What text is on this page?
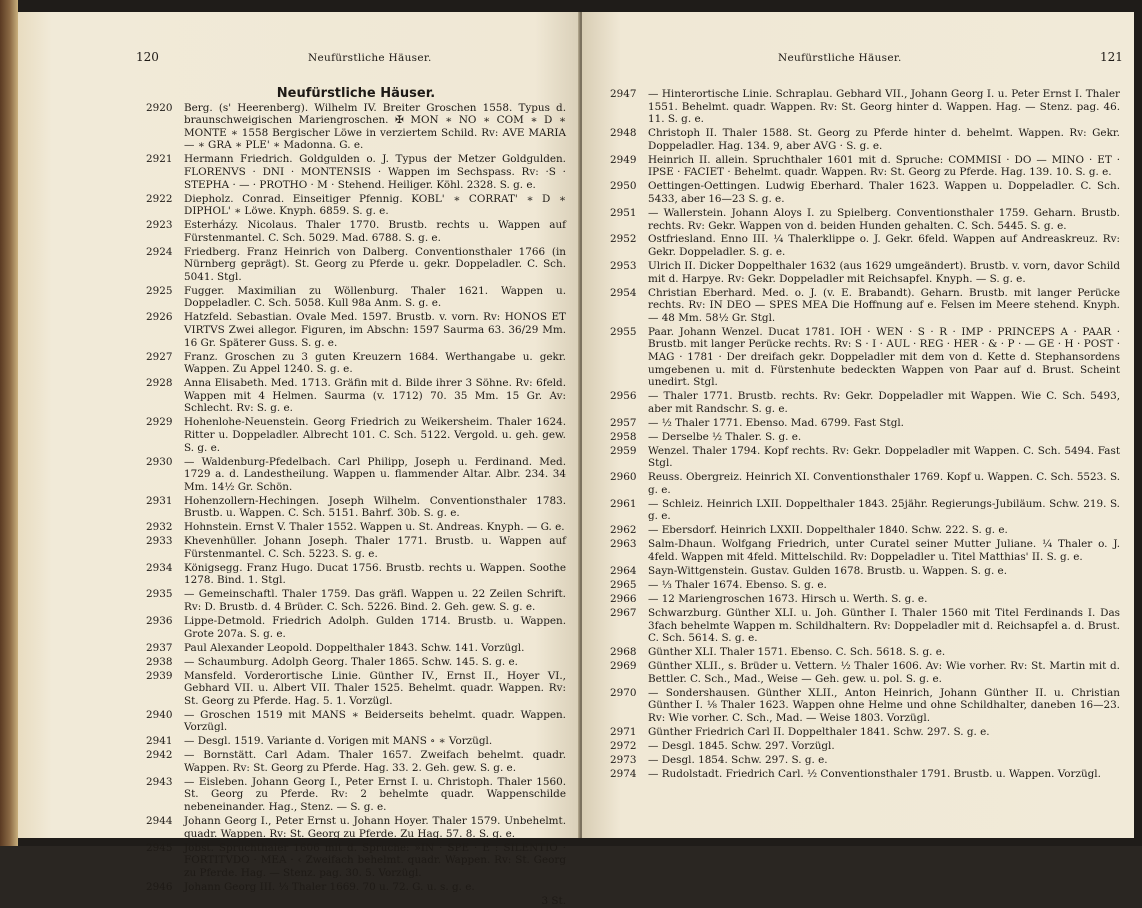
120	Neufürstliche Häuser.
Neufürstliche Häuser.
2920	Berg. (s' Heerenberg). Wilhelm IV. Breiter Groschen 1558. Typus d. braunschweigischen Mariengroschen. ✠ MON ∗ NO ∗ COM ∗ D ∗ MONTE ∗ 1558 Bergischer Löwe in verziertem Schild. Rv: AVE MARIA — ∗ GRA ∗ PLE' ∗ Madonna. G. e.
2921	Hermann Friedrich. Goldgulden o. J. Typus der Metzer Goldgulden. FLORENVS · DNI · MONTENSIS · Wappen im Sechspass. Rv: ·S · STEPHA · — · PROTHO · M · Stehend. Heiliger. Köhl. 2328. S. g. e.
2922	Diepholz. Conrad. Einseitiger Pfennig. KOBL' ∗ CORRAT' ∗ D ∗ DIPHOL' ∗ Löwe. Knyph. 6859. S. g. e.
2923	Esterházy. Nicolaus. Thaler 1770. Brustb. rechts u. Wappen auf Fürstenmantel. C. Sch. 5029. Mad. 6788. S. g. e.
2924	Friedberg. Franz Heinrich von Dalberg. Conventionsthaler 1766 (in Nürnberg geprägt). St. Georg zu Pferde u. gekr. Doppeladler. C. Sch. 5041. Stgl.
2925	Fugger. Maximilian zu Wöllenburg. Thaler 1621. Wappen u. Doppeladler. C. Sch. 5058. Kull 98a Anm. S. g. e.
2926	Hatzfeld. Sebastian. Ovale Med. 1597. Brustb. v. vorn. Rv: HONOS ET VIRTVS Zwei allegor. Figuren, im Abschn: 1597 Saurma 63. 36/29 Mm. 16 Gr. Späterer Guss. S. g. e.
2927	Franz. Groschen zu 3 guten Kreuzern 1684. Werthangabe u. gekr. Wappen. Zu Appel 1240. S. g. e.
2928	Anna Elisabeth. Med. 1713. Gräfin mit d. Bilde ihrer 3 Söhne. Rv: 6feld. Wappen mit 4 Helmen. Saurma (v. 1712) 70. 35 Mm. 15 Gr. Av: Schlecht. Rv: S. g. e.
2929	Hohenlohe-Neuenstein. Georg Friedrich zu Weikersheim. Thaler 1624. Ritter u. Doppeladler. Albrecht 101. C. Sch. 5122. Vergold. u. geh. gew. S. g. e.
2930	— Waldenburg-Pfedelbach. Carl Philipp, Joseph u. Ferdinand. Med. 1729 a. d. Landestheilung. Wappen u. flammender Altar. Albr. 234. 34 Mm. 14½ Gr. Schön.
2931	Hohenzollern-Hechingen. Joseph Wilhelm. Conventionsthaler 1783. Brustb. u. Wappen. C. Sch. 5151. Bahrf. 30b. S. g. e.
2932	Hohnstein. Ernst V. Thaler 1552. Wappen u. St. Andreas. Knyph. — G. e.
2933	Khevenhüller. Johann Joseph. Thaler 1771. Brustb. u. Wappen auf Fürstenmantel. C. Sch. 5223. S. g. e.
2934	Königsegg. Franz Hugo. Ducat 1756. Brustb. rechts u. Wappen. Soothe 1278. Bind. 1. Stgl.
2935	— Gemeinschaftl. Thaler 1759. Das gräfl. Wappen u. 22 Zeilen Schrift. Rv: D. Brustb. d. 4 Brüder. C. Sch. 5226. Bind. 2. Geh. gew. S. g. e.
2936	Lippe-Detmold. Friedrich Adolph. Gulden 1714. Brustb. u. Wappen. Grote 207a. S. g. e.
2937	Paul Alexander Leopold. Doppelthaler 1843. Schw. 141. Vorzügl.
2938	— Schaumburg. Adolph Georg. Thaler 1865. Schw. 145. S. g. e.
2939	Mansfeld. Vorderortische Linie. Günther IV., Ernst II., Hoyer VI., Gebhard VII. u. Albert VII. Thaler 1525. Behelmt. quadr. Wappen. Rv: St. Georg zu Pferde. Hag. 5. 1. Vorzügl.
2940	— Groschen 1519 mit MANS ∗ Beiderseits behelmt. quadr. Wappen. Vorzügl.
2941	— Desgl. 1519. Variante d. Vorigen mit MANS ∘ ∗ Vorzügl.
2942	— Bornstätt. Carl Adam. Thaler 1657. Zweifach behelmt. quadr. Wappen. Rv: St. Georg zu Pferde. Hag. 33. 2. Geh. gew. S. g. e.
2943	— Eisleben. Johann Georg I., Peter Ernst I. u. Christoph. Thaler 1560. St. Georg zu Pferde. Rv: 2 behelmte quadr. Wappenschilde nebeneinander. Hag., Stenz. — S. g. e.
2944	Johann Georg I., Peter Ernst u. Johann Hoyer. Thaler 1579. Unbehelmt. quadr. Wappen. Rv: St. Georg zu Pferde. Zu Hag. 57. 8. S. g. e.
2945	Jobst. Spruchthaler 1606 mit d. Spruche: »IN · SPE · E : SILENTIO · FORTITVDO · MEA · ‹ Zweifach behelmt. quadr. Wappen. Rv: St. Georg zu Pferde. Hag. — Stenz. pag. 30. 5. Vorzügl.
2946	Johann Georg III. ⅓ Thaler 1669. 70 u. 72. G. u. s. g. e.
3 St.
Neufürstliche Häuser.	121
2947	— Hinterortische Linie. Schraplau. Gebhard VII., Johann Georg I. u. Peter Ernst I. Thaler 1551. Behelmt. quadr. Wappen. Rv: St. Georg hinter d. Wappen. Hag. — Stenz. pag. 46. 11. S. g. e.
2948	Christoph II. Thaler 1588. St. Georg zu Pferde hinter d. behelmt. Wappen. Rv: Gekr. Doppeladler. Hag. 134. 9, aber AVG · S. g. e.
2949	Heinrich II. allein. Spruchthaler 1601 mit d. Spruche: COMMISI · DO — MINO · ET · IPSE · FACIET · Behelmt. quadr. Wappen. Rv: St. Georg zu Pferde. Hag. 139. 10. S. g. e.
2950	Oettingen-Oettingen. Ludwig Eberhard. Thaler 1623. Wappen u. Doppeladler. C. Sch. 5433, aber 16—23 S. g. e.
2951	— Wallerstein. Johann Aloys I. zu Spielberg. Conventionsthaler 1759. Geharn. Brustb. rechts. Rv: Gekr. Wappen von d. beiden Hunden gehalten. C. Sch. 5445. S. g. e.
2952	Ostfriesland. Enno III. ¼ Thalerklippe o. J. Gekr. 6feld. Wappen auf Andreaskreuz. Rv: Gekr. Doppeladler. S. g. e.
2953	Ulrich II. Dicker Doppelthaler 1632 (aus 1629 umgeändert). Brustb. v. vorn, davor Schild mit d. Harpye. Rv: Gekr. Doppeladler mit Reichsapfel. Knyph. — S. g. e.
2954	Christian Eberhard. Med. o. J. (v. E. Brabandt). Geharn. Brustb. mit langer Perücke rechts. Rv: IN DEO — SPES MEA Die Hoffnung auf e. Felsen im Meere stehend. Knyph. — 48 Mm. 58½ Gr. Stgl.
2955	Paar. Johann Wenzel. Ducat 1781. IOH · WEN · S · R · IMP · PRINCEPS A · PAAR · Brustb. mit langer Perücke rechts. Rv: S · I · AUL · REG · HER · & · P · — GE · H · POST · MAG · 1781 · Der dreifach gekr. Doppeladler mit dem von d. Kette d. Stephansordens umgebenen u. mit d. Fürstenhute bedeckten Wappen von Paar auf d. Brust. Scheint unedirt. Stgl.
2956	— Thaler 1771. Brustb. rechts. Rv: Gekr. Doppeladler mit Wappen. Wie C. Sch. 5493, aber mit Randschr. S. g. e.
2957	— ½ Thaler 1771. Ebenso. Mad. 6799. Fast Stgl.
2958	— Derselbe ½ Thaler. S. g. e.
2959	Wenzel. Thaler 1794. Kopf rechts. Rv: Gekr. Doppeladler mit Wappen. C. Sch. 5494. Fast Stgl.
2960	Reuss. Obergreiz. Heinrich XI. Conventionsthaler 1769. Kopf u. Wappen. C. Sch. 5523. S. g. e.
2961	— Schleiz. Heinrich LXII. Doppelthaler 1843. 25jähr. Regierungs-Jubiläum. Schw. 219. S. g. e.
2962	— Ebersdorf. Heinrich LXXII. Doppelthaler 1840. Schw. 222. S. g. e.
2963	Salm-Dhaun. Wolfgang Friedrich, unter Curatel seiner Mutter Juliane. ¼ Thaler o. J. 4feld. Wappen mit 4feld. Mittelschild. Rv: Doppeladler u. Titel Matthias' II. S. g. e.
2964	Sayn-Wittgenstein. Gustav. Gulden 1678. Brustb. u. Wappen. S. g. e.
2965	— ⅓ Thaler 1674. Ebenso. S. g. e.
2966	— 12 Mariengroschen 1673. Hirsch u. Werth. S. g. e.
2967	Schwarzburg. Günther XLI. u. Joh. Günther I. Thaler 1560 mit Titel Ferdinands I. Das 3fach behelmte Wappen m. Schildhaltern. Rv: Doppeladler mit d. Reichsapfel a. d. Brust. C. Sch. 5614. S. g. e.
2968	Günther XLI. Thaler 1571. Ebenso. C. Sch. 5618. S. g. e.
2969	Günther XLII., s. Brüder u. Vettern. ½ Thaler 1606. Av: Wie vorher. Rv: St. Martin mit d. Bettler. C. Sch., Mad., Weise — Geh. gew. u. pol. S. g. e.
2970	— Sondershausen. Günther XLII., Anton Heinrich, Johann Günther II. u. Christian Günther I. ⅛ Thaler 1623. Wappen ohne Helme und ohne Schildhalter, daneben 16—23. Rv: Wie vorher. C. Sch., Mad. — Weise 1803. Vorzügl.
2971	Günther Friedrich Carl II. Doppelthaler 1841. Schw. 297. S. g. e.
2972	— Desgl. 1845. Schw. 297. Vorzügl.
2973	— Desgl. 1854. Schw. 297. S. g. e.
2974	— Rudolstadt. Friedrich Carl. ½ Conventionsthaler 1791. Brustb. u. Wappen. Vorzügl.
